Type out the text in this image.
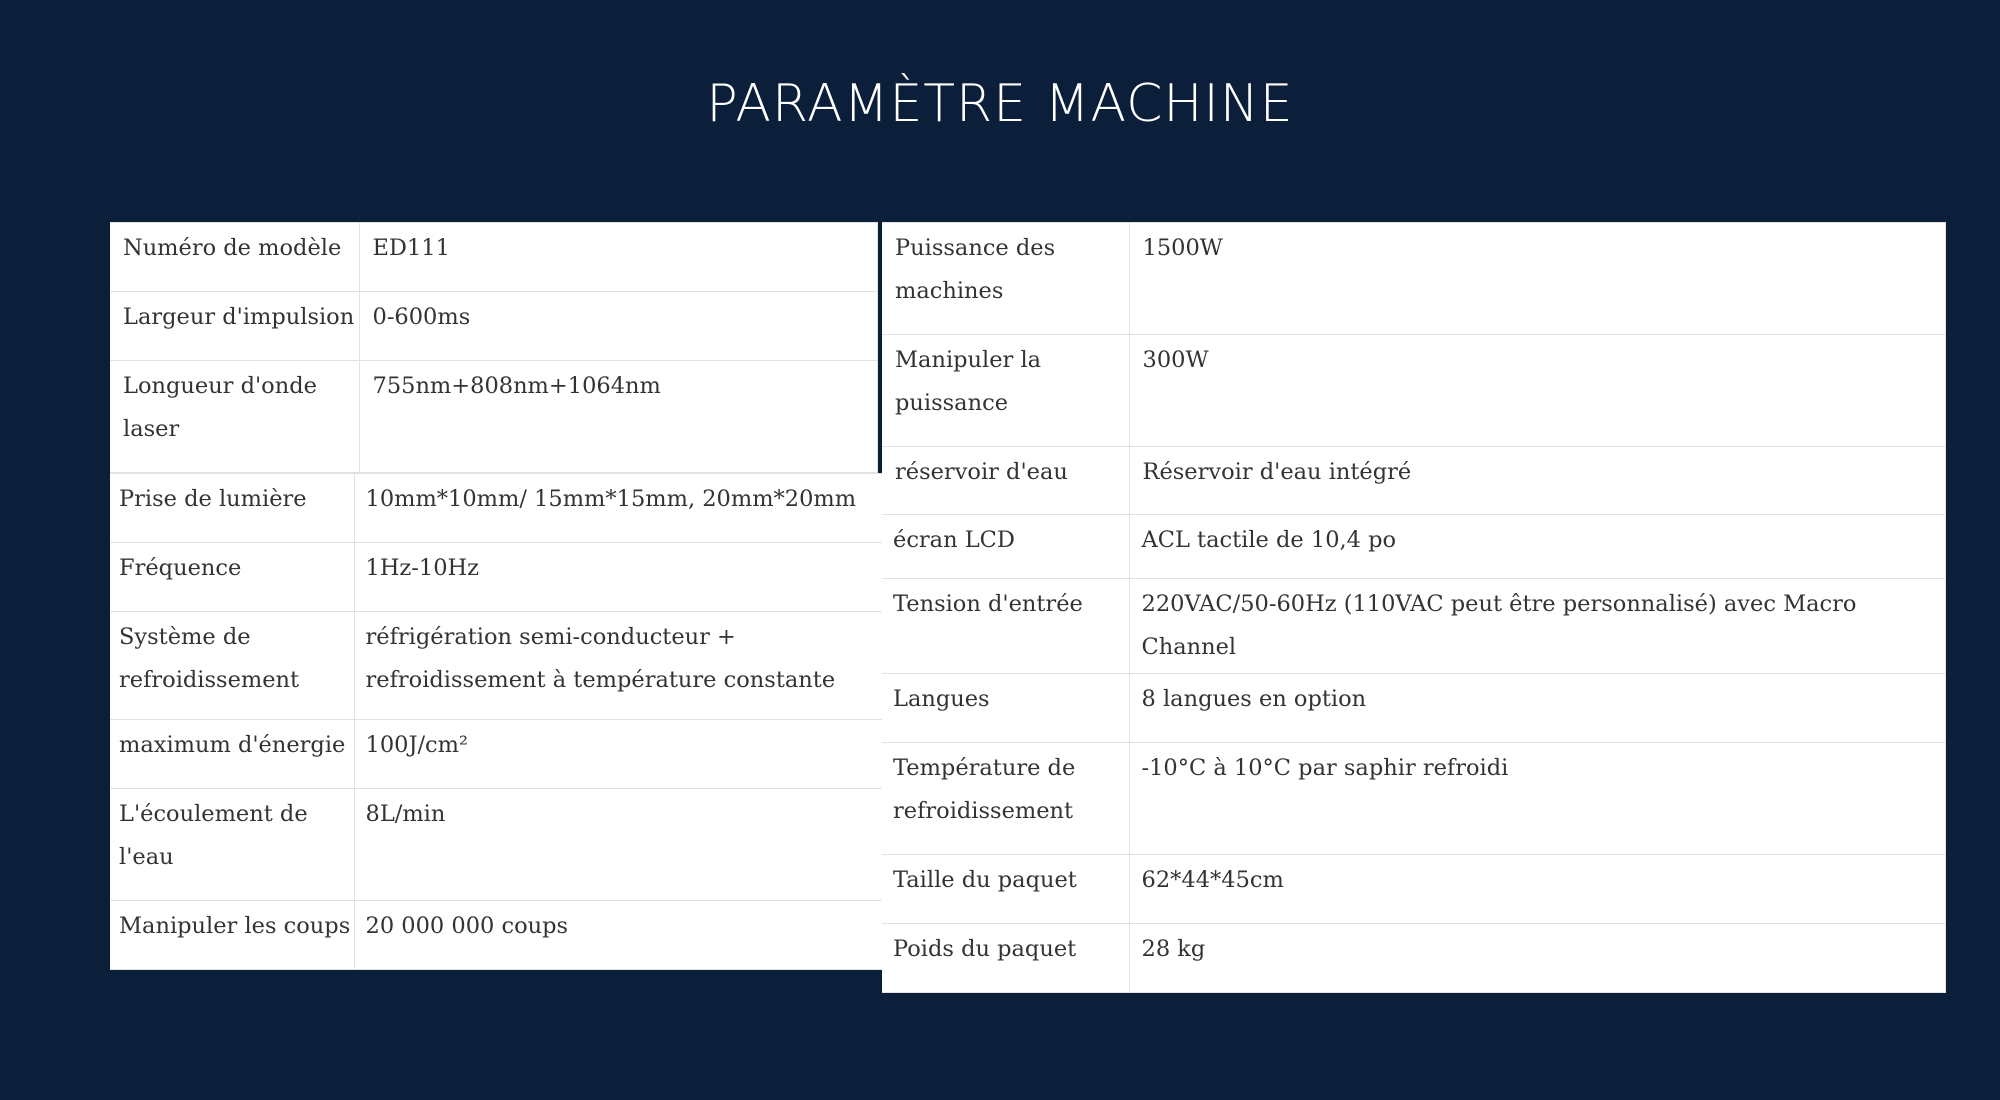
PARAMÈTRE MACHINE
Numéro de modèle	ED111
Largeur d'impulsion	0-600ms
Longueur d'onde laser	755nm+808nm+1064nm
Prise de lumière	10mm*10mm/ 15mm*15mm, 20mm*20mm
Fréquence	1Hz-10Hz
Système de refroidissement	réfrigération semi-conducteur + refroidissement à température constante
maximum d'énergie	100J/cm²
L'écoulement de l'eau	8L/min
Manipuler les coups	20 000 000 coups
Puissance des machines	1500W
Manipuler la puissance	300W
réservoir d'eau	Réservoir d'eau intégré
écran LCD	ACL tactile de 10,4 po
Tension d'entrée	220VAC/50-60Hz (110VAC peut être personnalisé) avec Macro Channel
Langues	8 langues en option
Température de refroidissement	-10°C à 10°C par saphir refroidi
Taille du paquet	62*44*45cm
Poids du paquet	28 kg
